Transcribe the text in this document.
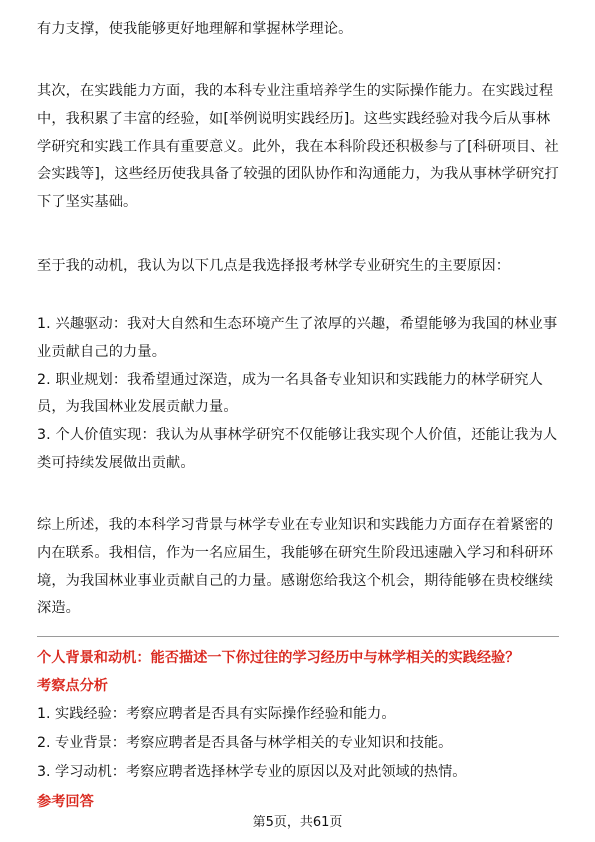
有力支撑，使我能够更好地理解和掌握林学理论。
其次，在实践能力方面，我的本科专业注重培养学生的实际操作能力。在实践过程
中，我积累了丰富的经验，如[举例说明实践经历]。这些实践经验对我今后从事林
学研究和实践工作具有重要意义。此外，我在本科阶段还积极参与了[科研项目、社
会实践等]，这些经历使我具备了较强的团队协作和沟通能力，为我从事林学研究打
下了坚实基础。
至于我的动机，我认为以下几点是我选择报考林学专业研究生的主要原因：
1. 兴趣驱动：我对大自然和生态环境产生了浓厚的兴趣，希望能够为我国的林业事
业贡献自己的力量。
2. 职业规划：我希望通过深造，成为一名具备专业知识和实践能力的林学研究人
员，为我国林业发展贡献力量。
3. 个人价值实现：我认为从事林学研究不仅能够让我实现个人价值，还能让我为人
类可持续发展做出贡献。
综上所述，我的本科学习背景与林学专业在专业知识和实践能力方面存在着紧密的
内在联系。我相信，作为一名应届生，我能够在研究生阶段迅速融入学习和科研环
境，为我国林业事业贡献自己的力量。感谢您给我这个机会，期待能够在贵校继续
深造。
个人背景和动机：能否描述一下你过往的学习经历中与林学相关的实践经验？
考察点分析
1. 实践经验：考察应聘者是否具有实际操作经验和能力。
2. 专业背景：考察应聘者是否具备与林学相关的专业知识和技能。
3. 学习动机：考察应聘者选择林学专业的原因以及对此领域的热情。
参考回答
第5页，共61页
